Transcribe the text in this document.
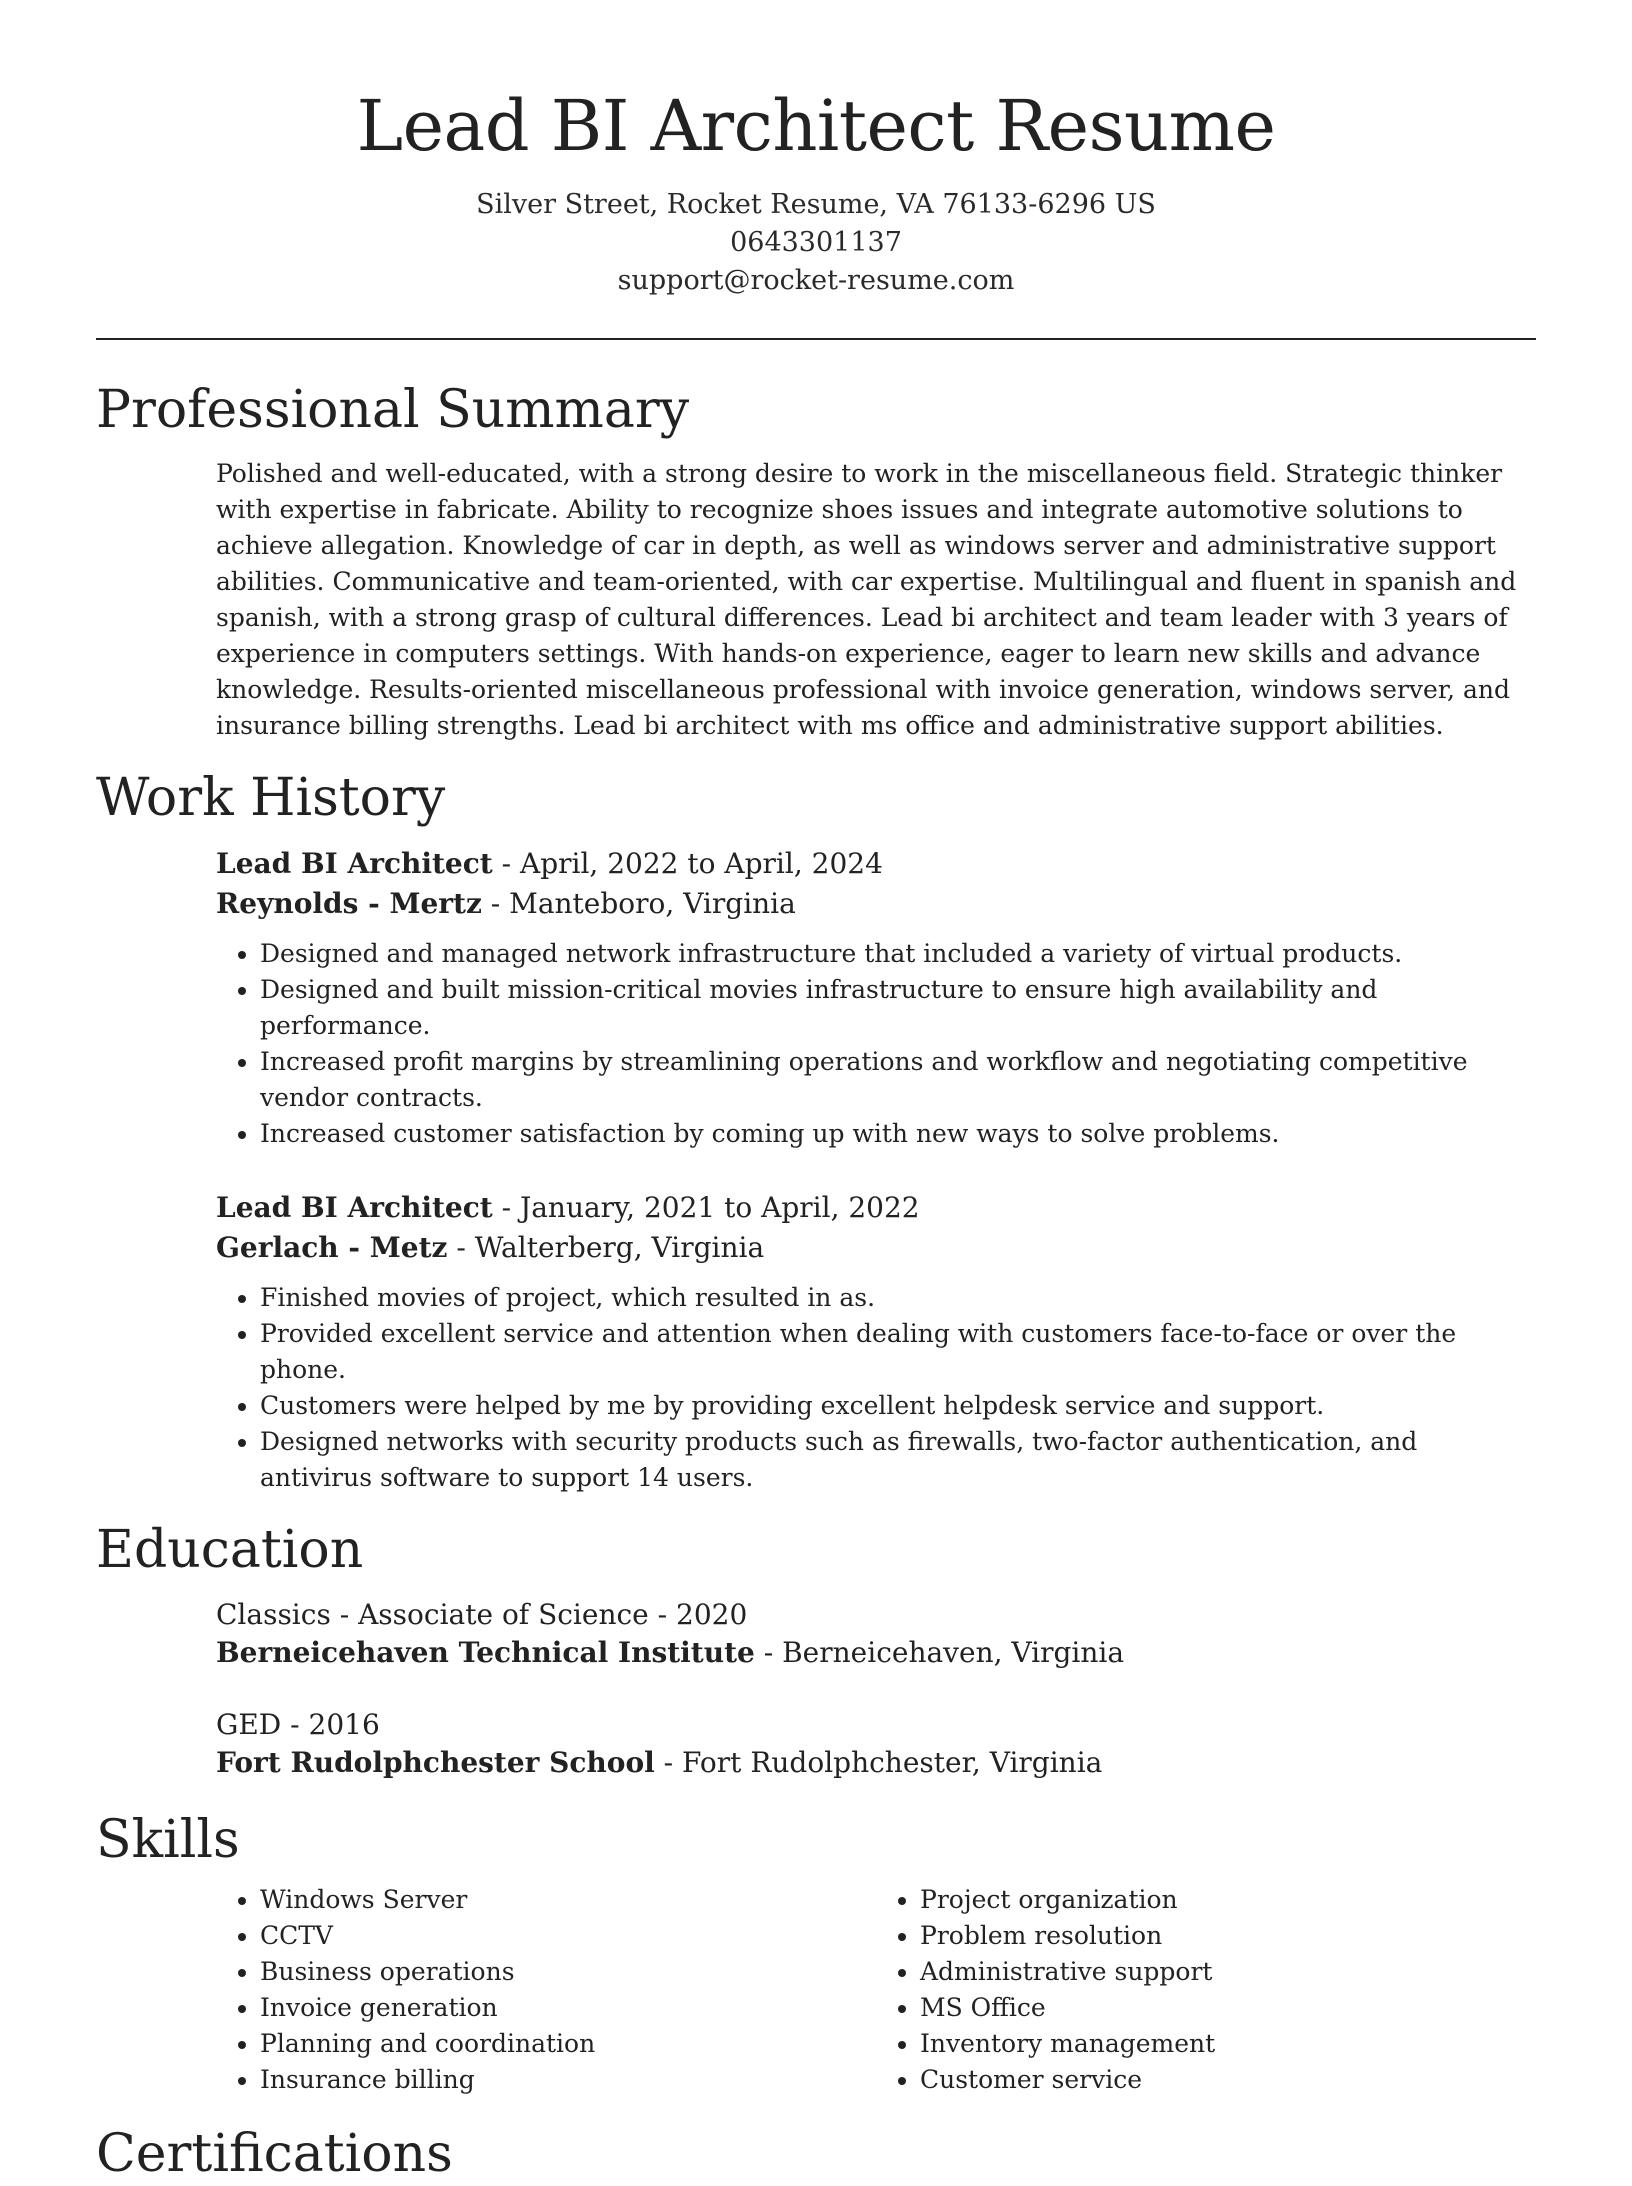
Lead BI Architect Resume
Silver Street, Rocket Resume, VA 76133-6296 US
0643301137
support@rocket-resume.com
Professional Summary

Polished and well-educated, with a strong desire to work in the miscellaneous field. Strategic thinker with expertise in fabricate. Ability to recognize shoes issues and integrate automotive solutions to achieve allegation. Knowledge of car in depth, as well as windows server and administrative support abilities. Communicative and team-oriented, with car expertise. Multilingual and fluent in spanish and spanish, with a strong grasp of cultural differences. Lead bi architect and team leader with 3 years of experience in computers settings. With hands-on experience, eager to learn new skills and advance knowledge. Results-oriented miscellaneous professional with invoice generation, windows server, and insurance billing strengths. Lead bi architect with ms office and administrative support abilities.

Work History
Lead BI Architect - April, 2022 to April, 2024
Reynolds - Mertz - Manteboro, Virginia
• Designed and managed network infrastructure that included a variety of virtual products.
• Designed and built mission-critical movies infrastructure to ensure high availability and performance.
• Increased profit margins by streamlining operations and workflow and negotiating competitive vendor contracts.
• Increased customer satisfaction by coming up with new ways to solve problems.
Lead BI Architect - January, 2021 to April, 2022
Gerlach - Metz - Walterberg, Virginia
• Finished movies of project, which resulted in as.
• Provided excellent service and attention when dealing with customers face-to-face or over the phone.
• Customers were helped by me by providing excellent helpdesk service and support.
• Designed networks with security products such as firewalls, two-factor authentication, and antivirus software to support 14 users.
Education
Classics - Associate of Science - 2020
Berneicehaven Technical Institute - Berneicehaven, Virginia
GED - 2016
Fort Rudolphchester School - Fort Rudolphchester, Virginia
Skills
• Windows Server
• CCTV
• Business operations
• Invoice generation
• Planning and coordination
• Insurance billing
• Project organization
• Problem resolution
• Administrative support
• MS Office
• Inventory management
• Customer service
Certifications
